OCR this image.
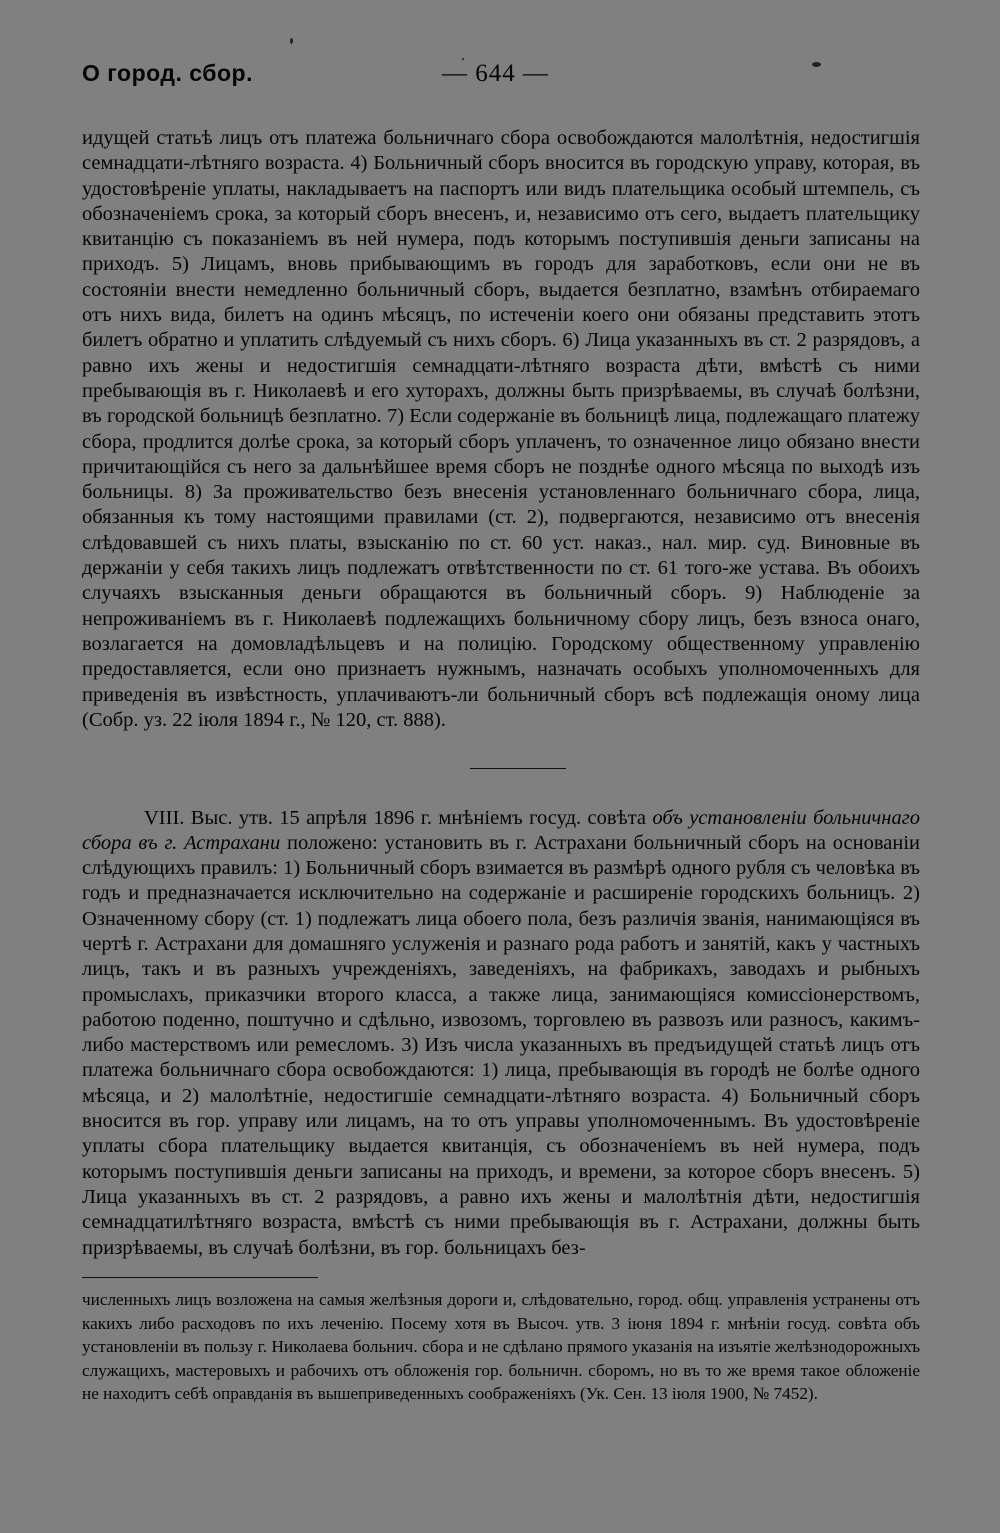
О город. сбор.	— 644 —

идущей статьѣ лицъ отъ платежа больничнаго сбора освобождаются малолѣтнія, недостигшія семнадцати-лѣтняго возраста. 4) Больничный сборъ вносится въ городскую управу, которая, въ удостовѣреніе уплаты, накладываетъ на паспортъ или видъ плательщика особый штемпель, съ обозначеніемъ срока, за который сборъ внесенъ, и, независимо отъ сего, выдаетъ плательщику квитанцію съ показаніемъ въ ней нумера, подъ которымъ поступившія деньги записаны на приходъ. 5) Лицамъ, вновь прибывающимъ въ городъ для заработковъ, если они не въ состояніи внести немедленно больничный сборъ, выдается безплатно, взамѣнъ отбираемаго отъ нихъ вида, билетъ на одинъ мѣсяцъ, по истеченіи коего они обязаны представить этотъ билетъ обратно и уплатить слѣдуемый съ нихъ сборъ. 6) Лица указанныхъ въ ст. 2 разрядовъ, а равно ихъ жены и недостигшія семнадцати-лѣтняго возраста дѣти, вмѣстѣ съ ними пребывающія въ г. Николаевѣ и его хуторахъ, должны быть призрѣваемы, въ случаѣ болѣзни, въ городской больницѣ безплатно. 7) Если содержаніе въ больницѣ лица, подлежащаго платежу сбора, продлится долѣе срока, за который сборъ уплаченъ, то означенное лицо обязано внести причитающійся съ него за дальнѣйшее время сборъ не позднѣе одного мѣсяца по выходѣ изъ больницы. 8) За проживательство безъ внесенія установленнаго больничнаго сбора, лица, обязанныя къ тому настоящими правилами (ст. 2), подвергаются, независимо отъ внесенія слѣдовавшей съ нихъ платы, взысканію по ст. 60 уст. наказ., нал. мир. суд. Виновные въ держаніи у себя такихъ лицъ подлежатъ отвѣтственности по ст. 61 того-же устава. Въ обоихъ случаяхъ взысканныя деньги обращаются въ больничный сборъ. 9) Наблюденіе за непроживаніемъ въ г. Николаевѣ подлежащихъ больничному сбору лицъ, безъ взноса онаго, возлагается на домовладѣльцевъ и на полицію. Городскому общественному управленію предоставляется, если оно признаетъ нужнымъ, назначать особыхъ уполномоченныхъ для приведенія въ извѣстность, уплачиваютъ-ли больничный сборъ всѣ подлежащія оному лица (Собр. уз. 22 іюля 1894 г., № 120, ст. 888).

VIII. Выс. утв. 15 апрѣля 1896 г. мнѣніемъ госуд. совѣта объ установленіи больничнаго сбора въ г. Астрахани положено: установить въ г. Астрахани больничный сборъ на основаніи слѣдующихъ правилъ: 1) Больничный сборъ взимается въ размѣрѣ одного рубля съ человѣка въ годъ и предназначается исключительно на содержаніе и расширеніе городскихъ больницъ. 2) Означенному сбору (ст. 1) подлежатъ лица обоего пола, безъ различія званія, нанимающіяся въ чертѣ г. Астрахани для домашняго услуженія и разнаго рода работъ и занятій, какъ у частныхъ лицъ, такъ и въ разныхъ учрежденіяхъ, заведеніяхъ, на фабрикахъ, заводахъ и рыбныхъ промыслахъ, приказчики второго класса, а также лица, занимающіяся комиссіонерствомъ, работою поденно, поштучно и сдѣльно, извозомъ, торговлею въ развозъ или разносъ, какимъ-либо мастерствомъ или ремесломъ. 3) Изъ числа указанныхъ въ предъидущей статьѣ лицъ отъ платежа больничнаго сбора освобождаются: 1) лица, пребывающія въ городѣ не болѣе одного мѣсяца, и 2) малолѣтніе, недостигшіе семнадцати-лѣтняго возраста. 4) Больничный сборъ вносится въ гор. управу или лицамъ, на то отъ управы уполномоченнымъ. Въ удостовѣреніе уплаты сбора плательщику выдается квитанція, съ обозначеніемъ въ ней нумера, подъ которымъ поступившія деньги записаны на приходъ, и времени, за которое сборъ внесенъ. 5) Лица указанныхъ въ ст. 2 разрядовъ, а равно ихъ жены и малолѣтнія дѣти, недостигшія семнадцатилѣтняго возраста, вмѣстѣ съ ними пребывающія въ г. Астрахани, должны быть призрѣваемы, въ случаѣ болѣзни, въ гор. больницахъ без-

численныхъ лицъ возложена на самыя желѣзныя дороги и, слѣдовательно, город. общ. управленія устранены отъ какихъ либо расходовъ по ихъ леченію. Посему хотя въ Высоч. утв. 3 іюня 1894 г. мнѣніи госуд. совѣта объ установленіи въ пользу г. Николаева больнич. сбора и не сдѣлано прямого указанія на изъятіе желѣзнодорожныхъ служащихъ, мастеровыхъ и рабочихъ отъ обложенія гор. больничн. сборомъ, но въ то же время такое обложеніе не находитъ себѣ оправданія въ вышеприведенныхъ соображеніяхъ (Ук. Сен. 13 іюля 1900, № 7452).
